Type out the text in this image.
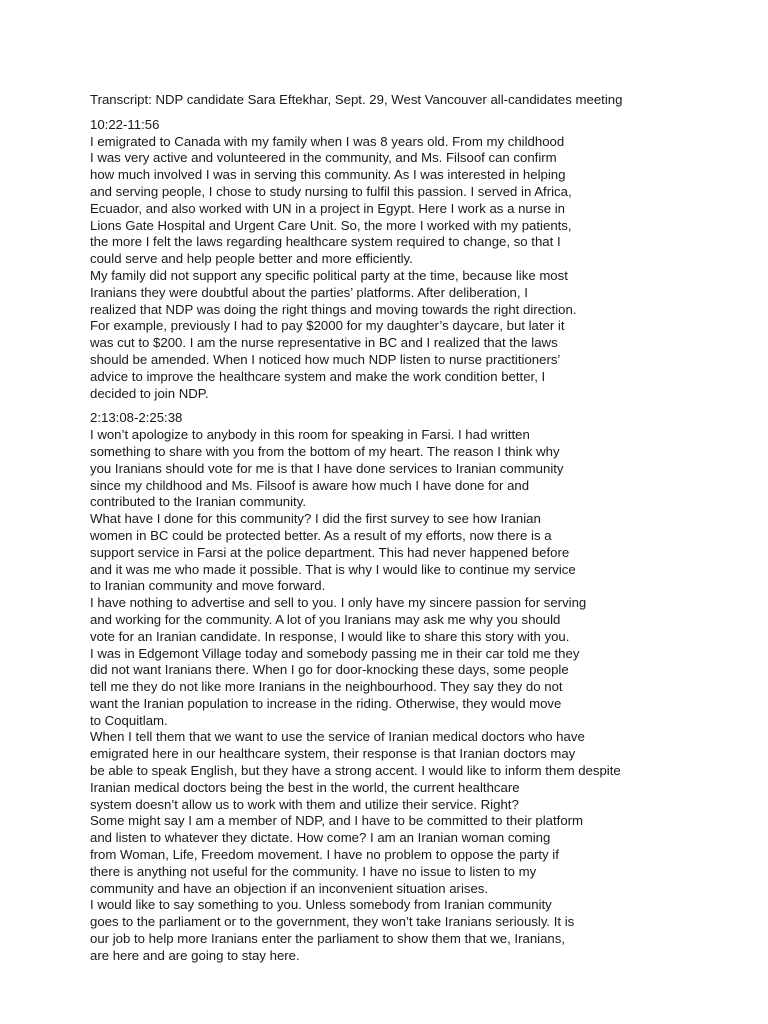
Transcript: NDP candidate Sara Eftekhar, Sept. 29, West Vancouver all-candidates meeting
10:22-11:56
I emigrated to Canada with my family when I was 8 years old. From my childhood
I was very active and volunteered in the community, and Ms. Filsoof can confirm
how much involved I was in serving this community. As I was interested in helping
and serving people, I chose to study nursing to fulfil this passion. I served in Africa,
Ecuador, and also worked with UN in a project in Egypt. Here I work as a nurse in
Lions Gate Hospital and Urgent Care Unit. So, the more I worked with my patients,
the more I felt the laws regarding healthcare system required to change, so that I
could serve and help people better and more efficiently.
My family did not support any specific political party at the time, because like most
Iranians they were doubtful about the parties’ platforms. After deliberation, I
realized that NDP was doing the right things and moving towards the right direction.
For example, previously I had to pay $2000 for my daughter’s daycare, but later it
was cut to $200. I am the nurse representative in BC and I realized that the laws
should be amended. When I noticed how much NDP listen to nurse practitioners’
advice to improve the healthcare system and make the work condition better, I
decided to join NDP.
2:13:08-2:25:38
I won’t apologize to anybody in this room for speaking in Farsi. I had written
something to share with you from the bottom of my heart. The reason I think why
you Iranians should vote for me is that I have done services to Iranian community
since my childhood and Ms. Filsoof is aware how much I have done for and
contributed to the Iranian community.
What have I done for this community? I did the first survey to see how Iranian
women in BC could be protected better. As a result of my efforts, now there is a
support service in Farsi at the police department. This had never happened before
and it was me who made it possible. That is why I would like to continue my service
to Iranian community and move forward.
I have nothing to advertise and sell to you. I only have my sincere passion for serving
and working for the community. A lot of you Iranians may ask me why you should
vote for an Iranian candidate. In response, I would like to share this story with you.
I was in Edgemont Village today and somebody passing me in their car told me they
did not want Iranians there. When I go for door-knocking these days, some people
tell me they do not like more Iranians in the neighbourhood. They say they do not
want the Iranian population to increase in the riding. Otherwise, they would move
to Coquitlam.
When I tell them that we want to use the service of Iranian medical doctors who have
emigrated here in our healthcare system, their response is that Iranian doctors may
be able to speak English, but they have a strong accent. I would like to inform them despite
Iranian medical doctors being the best in the world, the current healthcare
system doesn’t allow us to work with them and utilize their service. Right?
Some might say I am a member of NDP, and I have to be committed to their platform
and listen to whatever they dictate. How come? I am an Iranian woman coming
from Woman, Life, Freedom movement. I have no problem to oppose the party if
there is anything not useful for the community. I have no issue to listen to my
community and have an objection if an inconvenient situation arises.
I would like to say something to you. Unless somebody from Iranian community
goes to the parliament or to the government, they won’t take Iranians seriously. It is
our job to help more Iranians enter the parliament to show them that we, Iranians,
are here and are going to stay here.
